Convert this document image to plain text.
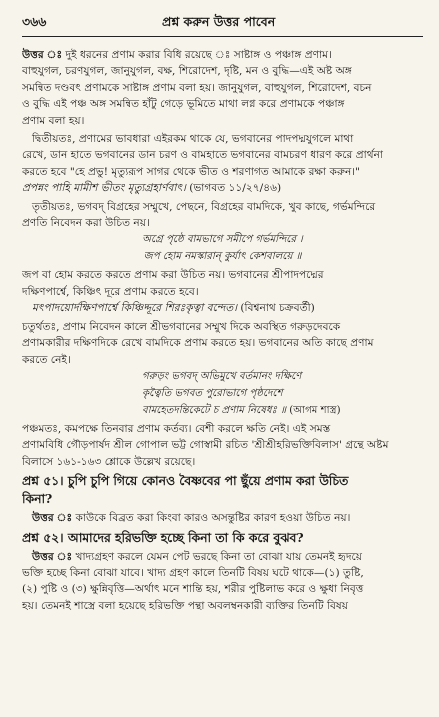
৩৬৬	প্রশ্ন করুন উত্তর পাবেন
উত্তর ঃ দুই ধরনের প্রণাম করার বিধি রয়েছে ঃ সাষ্টাঙ্গ ও পঞ্চাঙ্গ প্রণাম।
বাহুযুগল, চরণযুগল, জানুযুগল, বক্ষ, শিরোদেশ, দৃষ্টি, মন ও বুদ্ধি—এই অষ্ট অঙ্গ
সমন্বিত দণ্ডবৎ প্রণামকে সাষ্টাঙ্গ প্রণাম বলা হয়। জানুযুগল, বাহুযুগল, শিরোদেশ, বচন
ও বুদ্ধি এই পঞ্চ অঙ্গ সমন্বিত হাঁটু গেড়ে ভূমিতে মাথা লগ্ন করে প্রণামকে পঞ্চাঙ্গ
প্রণাম বলা হয়।
দ্বিতীয়তঃ, প্রণামের ভাবধারা এইরকম থাকে যে, ভগবানের পাদপদ্মযুগলে মাথা
রেখে, ডান হাতে ভগবানের ডান চরণ ও বামহাতে ভগবানের বামচরণ ধারণ করে প্রার্থনা
করতে হবে "হে প্রভু! মৃত্যুরূপ সাগর থেকে ভীত ও শরণাগত আমাকে রক্ষা করুন।"
প্রপন্নং পাহি মামীশ ভীতং মৃত্যুগ্রহার্ণবাৎ। (ভাগবত ১১/২৭/৪৬)
তৃতীয়তঃ, ভগবদ্ বিগ্রহের সম্মুখে, পেছনে, বিগ্রহের বামদিকে, খুব কাছে, গর্ভমন্দিরে
প্রণতি নিবেদন করা উচিত নয়।
অগ্রে পৃষ্ঠে বামভাগে সমীপে গর্ভমন্দিরে ।
জপ হোম নমস্কারান্ কুর্যাৎ কেশবালয়ে ॥
জপ বা হোম করতে করতে প্রণাম করা উচিত নয়। ভগবানের শ্রীপাদপদ্মের
দক্ষিণপার্শ্বে, কিঞ্চিৎ দূরে প্রণাম করতে হবে।
মৎপাদয়োর্দক্ষিণপার্শ্বে কিঞ্চিদ্দূরে শিরঃকৃত্বা বন্দেত। (বিশ্বনাথ চক্রবর্তী)
চতুর্থতঃ, প্রণাম নিবেদন কালে শ্রীভগবানের সম্মুখ দিকে অবস্থিত গরুড়দেবকে
প্রণামকারীর দক্ষিণদিকে রেখে বামদিকে প্রণাম করতে হয়। ভগবানের অতি কাছে প্রণাম
করতে নেই।
গরুড়ং ভগবদ্ অভিমুখে বর্তমানং দক্ষিণে
কৃত্বৈতি ভগবত পুরোভাগে পৃষ্ঠদেশে
বামহেতদন্তিকেটে চ প্রণাম নিষেধঃ ॥ (আগম শাস্ত্র)
পঞ্চমতঃ, কমপক্ষে তিনবার প্রণাম কর্তব্য। বেশী করলে ক্ষতি নেই। এই সমস্ত
প্রণামবিধি গৌড়পার্ষদ শ্রীল গোপাল ভট্ট গোস্বামী রচিত 'শ্রীশ্রীহরিভক্তিবিলাস' গ্রন্থে অষ্টম
বিলাসে ১৬১-১৬৩ শ্লোকে উল্লেখ রয়েছে।
প্রশ্ন ৫১। চুপি চুপি গিয়ে কোনও বৈষ্ণবের পা ছুঁয়ে প্রণাম করা উচিত
কিনা?
উত্তর ঃ কাউকে বিব্রত করা কিংবা কারও অসন্তুষ্টির কারণ হওয়া উচিত নয়।
প্রশ্ন ৫২। আমাদের হরিভক্তি হচ্ছে কিনা তা কি করে বুঝব?
উত্তর ঃ খাদ্যগ্রহণ করলে যেমন পেট ভরছে কিনা তা বোঝা যায় তেমনই হৃদয়ে
ভক্তি হচ্ছে কিনা বোঝা যাবে। খাদ্য গ্রহণ কালে তিনটি বিষয় ঘটে থাকে—(১) তুষ্টি,
(২) পুষ্টি ও (৩) ক্ষুন্নিবৃত্তি—অর্থাৎ মনে শান্তি হয়, শরীর পুষ্টিলাভ করে ও ক্ষুধা নিবৃত্ত
হয়। তেমনই শাস্ত্রে বলা হয়েছে হরিভক্তি পন্থা অবলম্বনকারী ব্যক্তির তিনটি বিষয়
